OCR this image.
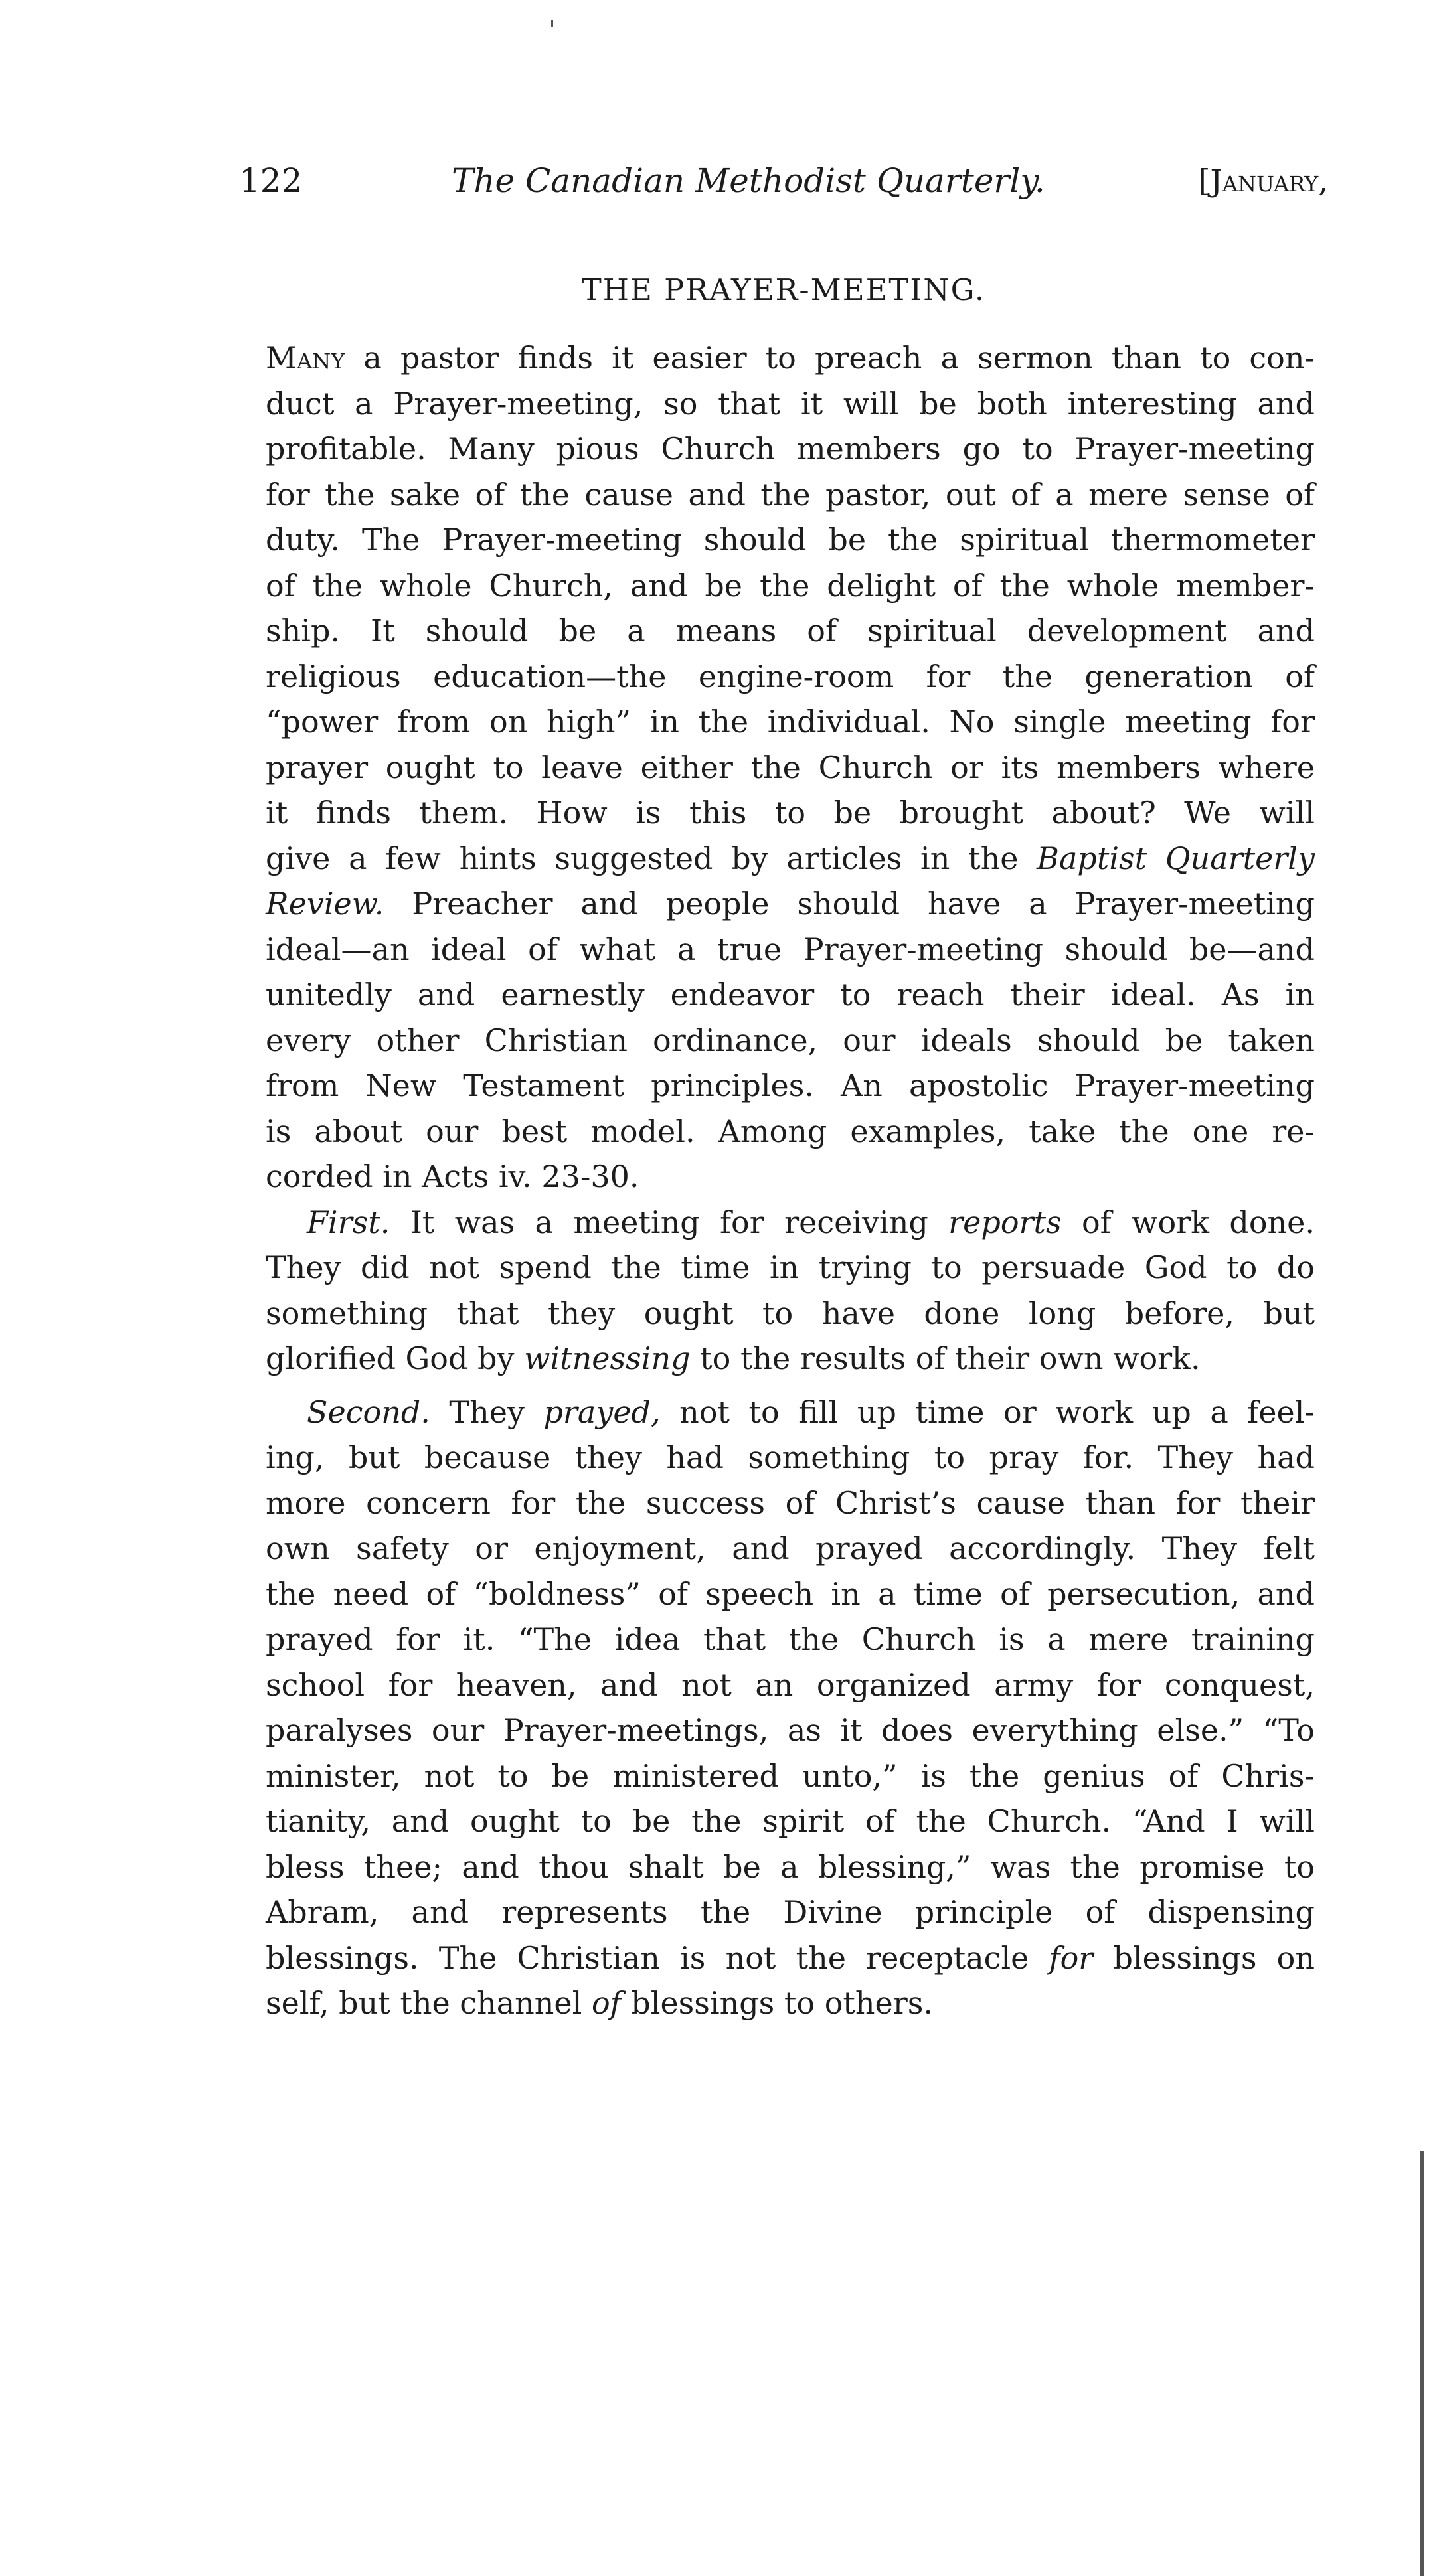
122	The Canadian Methodist Quarterly.	[January,
THE PRAYER-MEETING.
Many a pastor finds it easier to preach a sermon than to con-
duct a Prayer-meeting, so that it will be both interesting and
profitable. Many pious Church members go to Prayer-meeting
for the sake of the cause and the pastor, out of a mere sense of
duty. The Prayer-meeting should be the spiritual thermometer
of the whole Church, and be the delight of the whole member-
ship. It should be a means of spiritual development and
religious education—the engine-room for the generation of
“power from on high” in the individual. No single meeting for
prayer ought to leave either the Church or its members where
it finds them. How is this to be brought about? We will
give a few hints suggested by articles in the Baptist Quarterly
Review. Preacher and people should have a Prayer-meeting
ideal—an ideal of what a true Prayer-meeting should be—and
unitedly and earnestly endeavor to reach their ideal. As in
every other Christian ordinance, our ideals should be taken
from New Testament principles. An apostolic Prayer-meeting
is about our best model. Among examples, take the one re-
corded in Acts iv. 23-30.
First. It was a meeting for receiving reports of work done.
They did not spend the time in trying to persuade God to do
something that they ought to have done long before, but
glorified God by witnessing to the results of their own work.
Second. They prayed, not to fill up time or work up a feel-
ing, but because they had something to pray for. They had
more concern for the success of Christ’s cause than for their
own safety or enjoyment, and prayed accordingly. They felt
the need of “boldness” of speech in a time of persecution, and
prayed for it. “The idea that the Church is a mere training
school for heaven, and not an organized army for conquest,
paralyses our Prayer-meetings, as it does everything else.” “To
minister, not to be ministered unto,” is the genius of Chris-
tianity, and ought to be the spirit of the Church. “And I will
bless thee; and thou shalt be a blessing,” was the promise to
Abram, and represents the Divine principle of dispensing
blessings. The Christian is not the receptacle for blessings on
self, but the channel of blessings to others.
